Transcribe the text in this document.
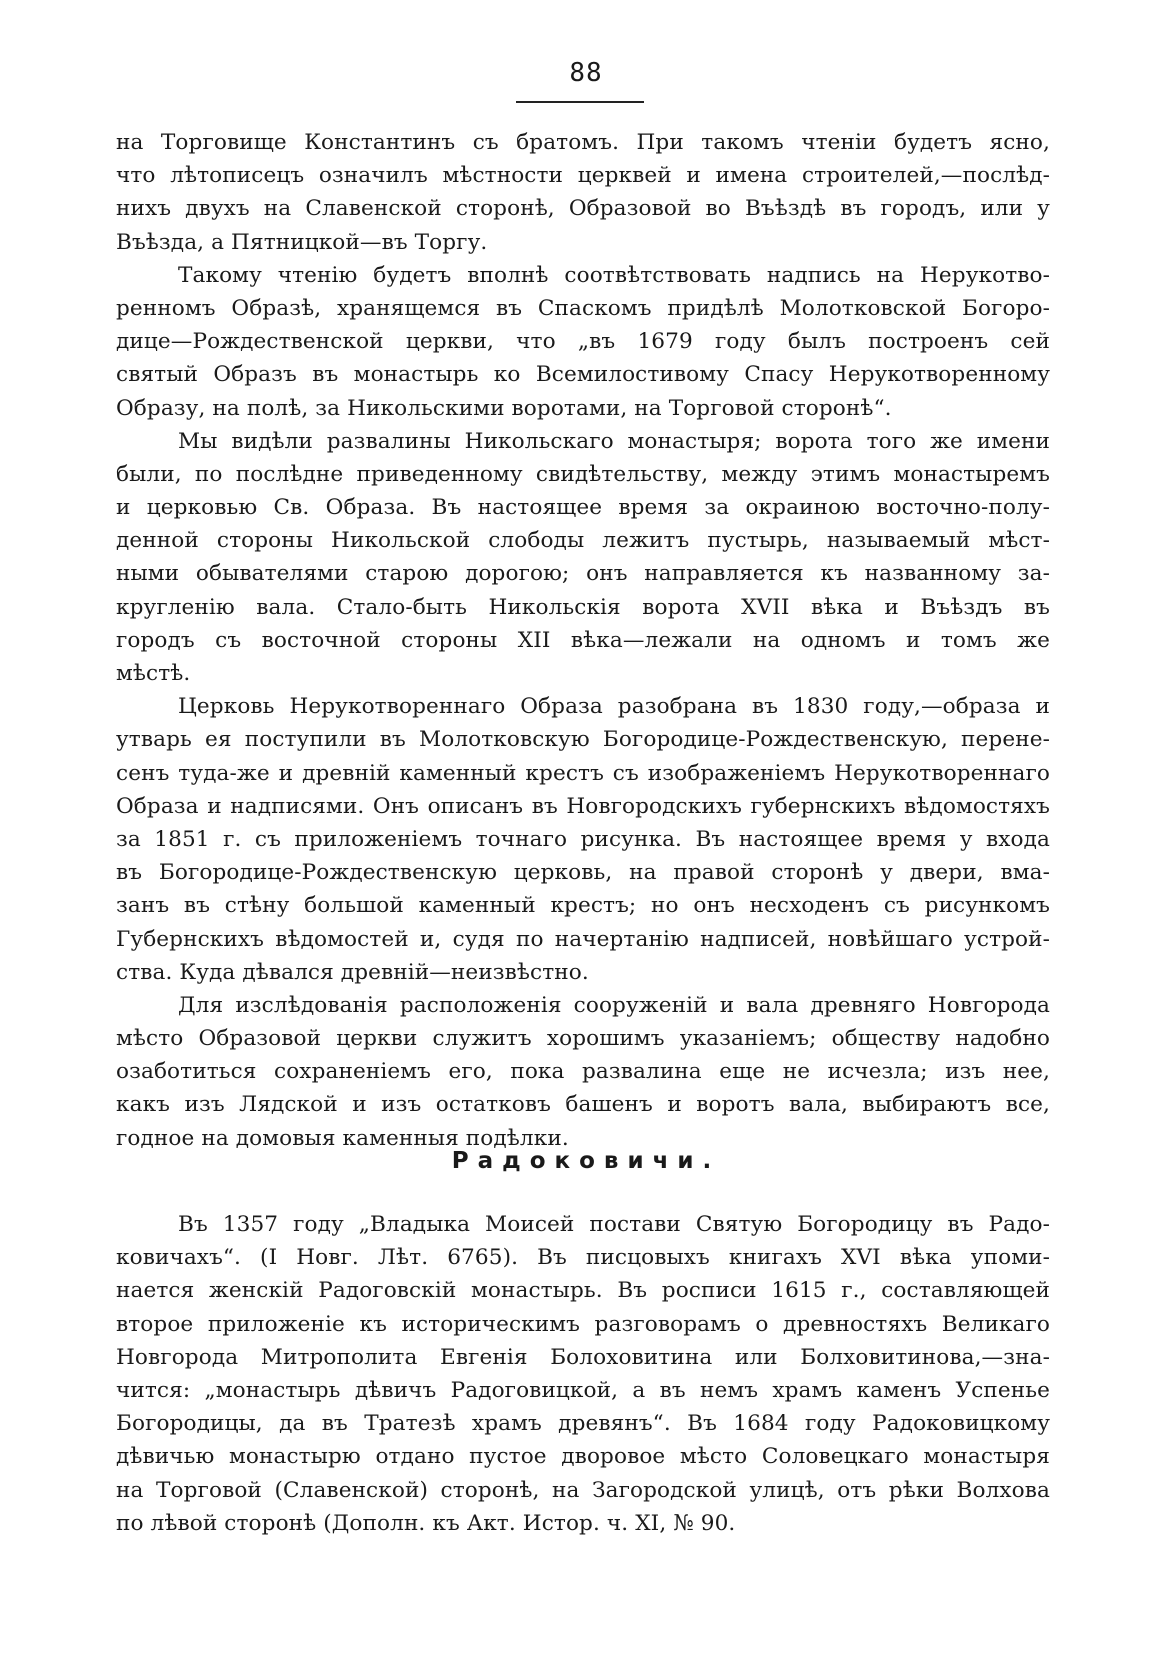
88
на Торговище Константинъ съ братомъ. При такомъ чтеніи будетъ ясно,
что лѣтописецъ означилъ мѣстности церквей и имена строителей,—послѣд-
нихъ двухъ на Славенской сторонѣ, Образовой во Въѣздѣ въ городъ, или у
Въѣзда, а Пятницкой—въ Торгу.
Такому чтенію будетъ вполнѣ соотвѣтствовать надпись на Нерукотво-
ренномъ Образѣ, хранящемся въ Спаскомъ придѣлѣ Молотковской Богоро-
дице—Рождественской церкви, что „въ 1679 году былъ построенъ сей
святый Образъ въ монастырь ко Всемилостивому Спасу Нерукотворенному
Образу, на полѣ, за Никольскими воротами, на Торговой сторонѣ“.
Мы видѣли развалины Никольскаго монастыря; ворота того же имени
были, по послѣдне приведенному свидѣтельству, между этимъ монастыремъ
и церковью Св. Образа. Въ настоящее время за окраиною восточно-полу-
денной стороны Никольской слободы лежитъ пустырь, называемый мѣст-
ными обывателями старою дорогою; онъ направляется къ названному за-
кругленію вала. Стало-быть Никольскія ворота XVII вѣка и Въѣздъ въ
городъ съ восточной стороны XII вѣка—лежали на одномъ и томъ же
мѣстѣ.
Церковь Нерукотвореннаго Образа разобрана въ 1830 году,—образа и
утварь ея поступили въ Молотковскую Богородице-Рождественскую, перене-
сенъ туда-же и древній каменный крестъ съ изображеніемъ Нерукотвореннаго
Образа и надписями. Онъ описанъ въ Новгородскихъ губернскихъ вѣдомостяхъ
за 1851 г. съ приложеніемъ точнаго рисунка. Въ настоящее время у входа
въ Богородице-Рождественскую церковь, на правой сторонѣ у двери, вма-
занъ въ стѣну большой каменный крестъ; но онъ несходенъ съ рисункомъ
Губернскихъ вѣдомостей и, судя по начертанію надписей, новѣйшаго устрой-
ства. Куда дѣвался древній—неизвѣстно.
Для изслѣдованія расположенія сооруженій и вала древняго Новгорода
мѣсто Образовой церкви служитъ хорошимъ указаніемъ; обществу надобно
озаботиться сохраненіемъ его, пока развалина еще не исчезла; изъ нее,
какъ изъ Лядской и изъ остатковъ башенъ и воротъ вала, выбираютъ все,
годное на домовыя каменныя подѣлки.
Радоковичи.
Въ 1357 году „Владыка Моисей постави Святую Богородицу въ Радо-
ковичахъ“. (I Новг. Лѣт. 6765). Въ писцовыхъ книгахъ XVI вѣка упоми-
нается женскій Радоговскій монастырь. Въ росписи 1615 г., составляющей
второе приложеніе къ историческимъ разговорамъ о древностяхъ Великаго
Новгорода Митрополита Евгенія Болоховитина или Болховитинова,—зна-
чится: „монастырь дѣвичъ Радоговицкой, а въ немъ храмъ каменъ Успенье
Богородицы, да въ Тратезѣ храмъ древянъ“. Въ 1684 году Радоковицкому
дѣвичью монастырю отдано пустое дворовое мѣсто Соловецкаго монастыря
на Торговой (Славенской) сторонѣ, на Загородской улицѣ, отъ рѣки Волхова
по лѣвой сторонѣ (Дополн. къ Акт. Истор. ч. XI, № 90.
